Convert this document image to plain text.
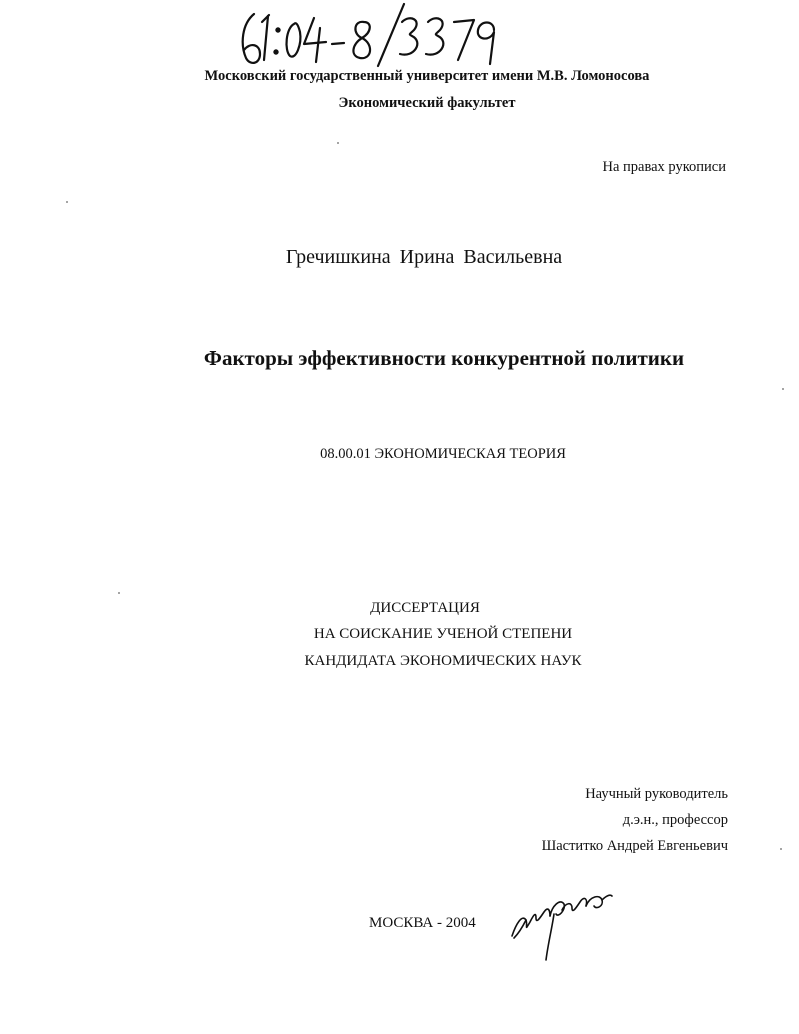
Московский государственный университет имени М.В. Ломоносова
Экономический факультет
На правах рукописи
Гречишкина Ирина Васильевна
Факторы эффективности конкурентной политики
08.00.01 ЭКОНОМИЧЕСКАЯ ТЕОРИЯ
ДИССЕРТАЦИЯ
НА СОИСКАНИЕ УЧЕНОЙ СТЕПЕНИ
КАНДИДАТА ЭКОНОМИЧЕСКИХ НАУК
Научный руководитель
д.э.н., профессор
Шаститко Андрей Евгеньевич
МОСКВА - 2004
